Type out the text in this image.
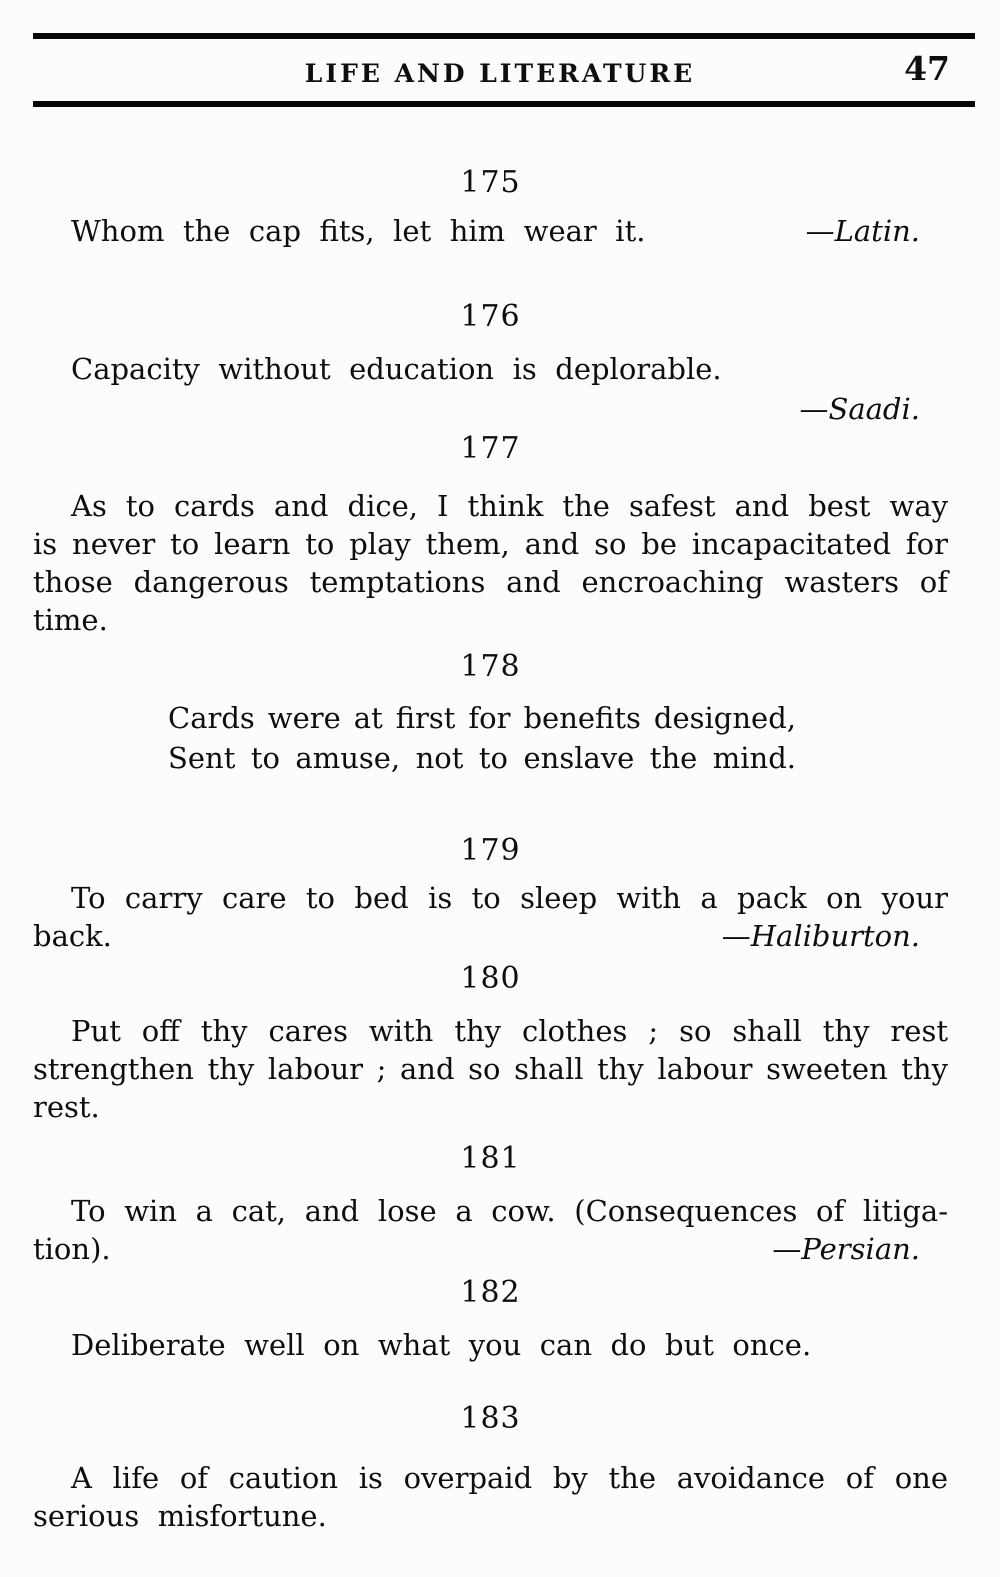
LIFE AND LITERATURE	47
175
Whom the cap fits, let him wear it.	—Latin.
176
Capacity without education is deplorable.
—Saadi.
177
As to cards and dice, I think the safest and best way
is never to learn to play them, and so be incapacitated for
those dangerous temptations and encroaching wasters of
time.
178
Cards were at first for benefits designed,
Sent to amuse, not to enslave the mind.
179
To carry care to bed is to sleep with a pack on your
back.	—Haliburton.
180
Put off thy cares with thy clothes ; so shall thy rest
strengthen thy labour ; and so shall thy labour sweeten thy
rest.
181
To win a cat, and lose a cow. (Consequences of litiga-
tion).	—Persian.
182
Deliberate well on what you can do but once.
183
A life of caution is overpaid by the avoidance of one
serious misfortune.
